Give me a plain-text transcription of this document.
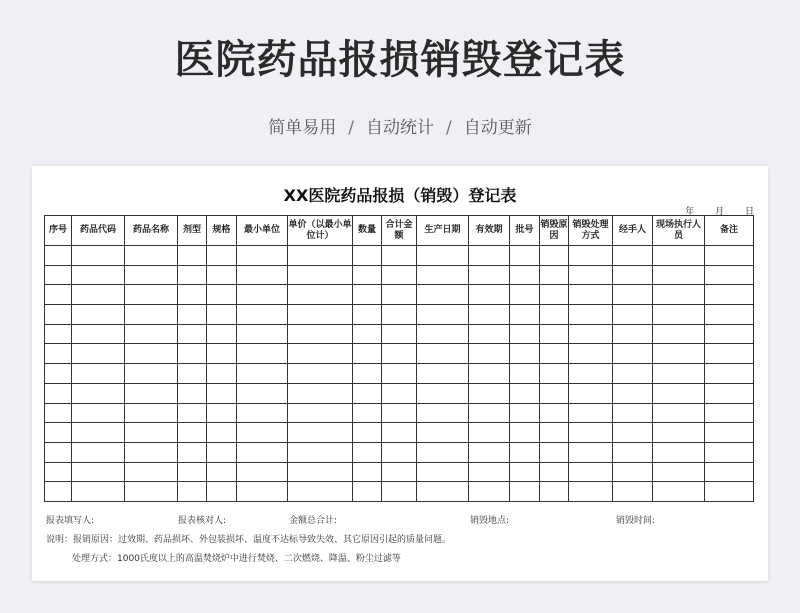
医院药品报损销毁登记表
简单易用 / 自动统计 / 自动更新
XX医院药品报损（销毁）登记表
年 月 日
序号	药品代码	药品名称	剂型	规格	最小单位	单价（以最小单位计）	数量	合计金额	生产日期	有效期	批号	销毁原因	销毁处理方式	经手人	现场执行人员	备注

报表填写人:	报表核对人:	金额总合计:	销毁地点:	销毁时间:
说明：报销原因：过效期、药品损坏、外包装损坏、温度不达标导致失效、其它原因引起的质量问题。
处理方式：1000氏度以上的高温焚烧炉中进行焚烧、二次燃烧、降温、粉尘过滤等
